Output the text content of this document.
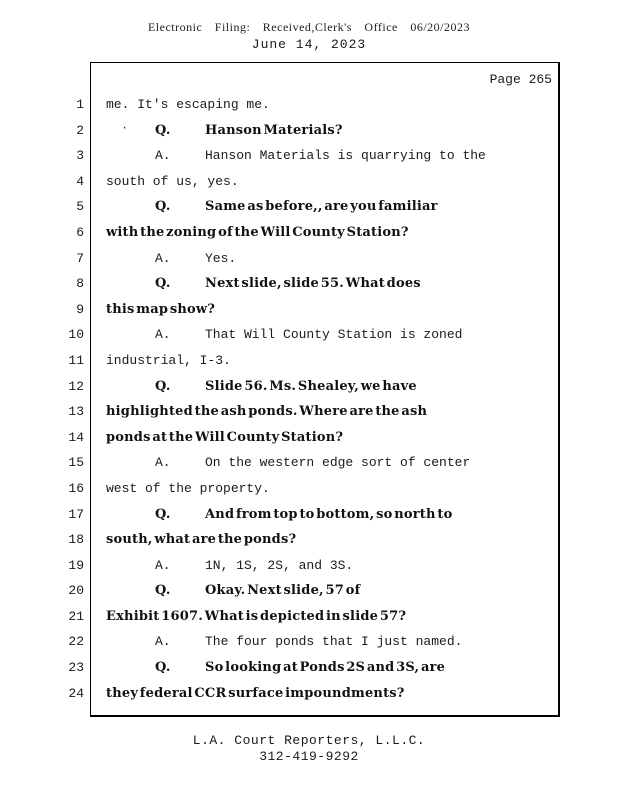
Electronic Filing: Received,Clerk's Office 06/20/2023
June 14, 2023
Page 265
1 me. It's escaping me.
2	·	Q.	Hanson Materials?
3	A.	Hanson Materials is quarrying to the
4 south of us, yes.
5	Q.	Same as before,, are you familiar
6 with the zoning of the Will County Station?
7	A.	Yes.
8	Q.	Next slide, slide 55. What does
9 this map show?
10	A.	That Will County Station is zoned
11 industrial, I-3.
12	Q.	Slide 56. Ms. Shealey, we have
13 highlighted the ash ponds. Where are the ash
14 ponds at the Will County Station?
15	A.	On the western edge sort of center
16 west of the property.
17	Q.	And from top to bottom, so north to
18 south, what are the ponds?
19	A.	1N, 1S, 2S, and 3S.
20	Q.	Okay. Next slide, 57 of
21 Exhibit 1607. What is depicted in slide 57?
22	A.	The four ponds that I just named.
23	Q.	So looking at Ponds 2S and 3S, are
24 they federal CCR surface impoundments?
L.A. Court Reporters, L.L.C.
312-419-9292
